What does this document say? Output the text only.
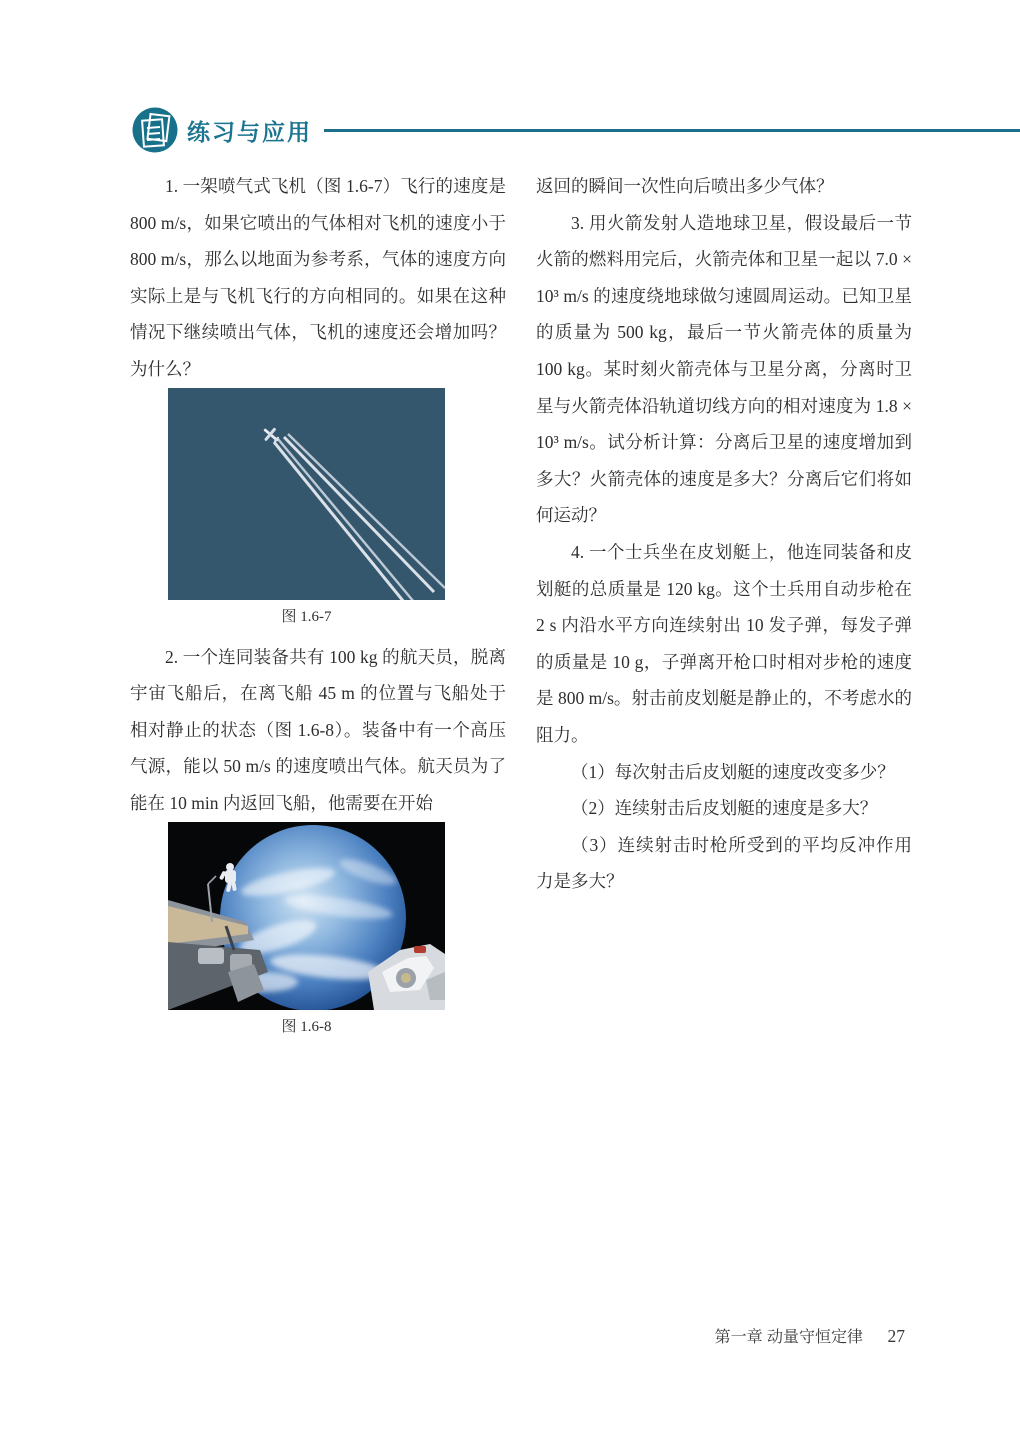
练习与应用

1. 一架喷气式飞机（图 1.6-7）飞行的速度是 800 m/s，如果它喷出的气体相对飞机的速度小于 800 m/s，那么以地面为参考系，气体的速度方向实际上是与飞机飞行的方向相同的。如果在这种情况下继续喷出气体，飞机的速度还会增加吗？为什么？

图 1.6-7

2. 一个连同装备共有 100 kg 的航天员，脱离宇宙飞船后，在离飞船 45 m 的位置与飞船处于相对静止的状态（图 1.6-8）。装备中有一个高压气源，能以 50 m/s 的速度喷出气体。航天员为了能在 10 min 内返回飞船，他需要在开始

图 1.6-8

返回的瞬间一次性向后喷出多少气体？

3. 用火箭发射人造地球卫星，假设最后一节火箭的燃料用完后，火箭壳体和卫星一起以 7.0 × 10³ m/s 的速度绕地球做匀速圆周运动。已知卫星的质量为 500 kg，最后一节火箭壳体的质量为 100 kg。某时刻火箭壳体与卫星分离，分离时卫星与火箭壳体沿轨道切线方向的相对速度为 1.8 × 10³ m/s。试分析计算：分离后卫星的速度增加到多大？火箭壳体的速度是多大？分离后它们将如何运动？

4. 一个士兵坐在皮划艇上，他连同装备和皮划艇的总质量是 120 kg。这个士兵用自动步枪在 2 s 内沿水平方向连续射出 10 发子弹，每发子弹的质量是 10 g，子弹离开枪口时相对步枪的速度是 800 m/s。射击前皮划艇是静止的，不考虑水的阻力。

（1）每次射击后皮划艇的速度改变多少？

（2）连续射击后皮划艇的速度是多大？

（3）连续射击时枪所受到的平均反冲作用力是多大？

第一章 动量守恒定律 27
